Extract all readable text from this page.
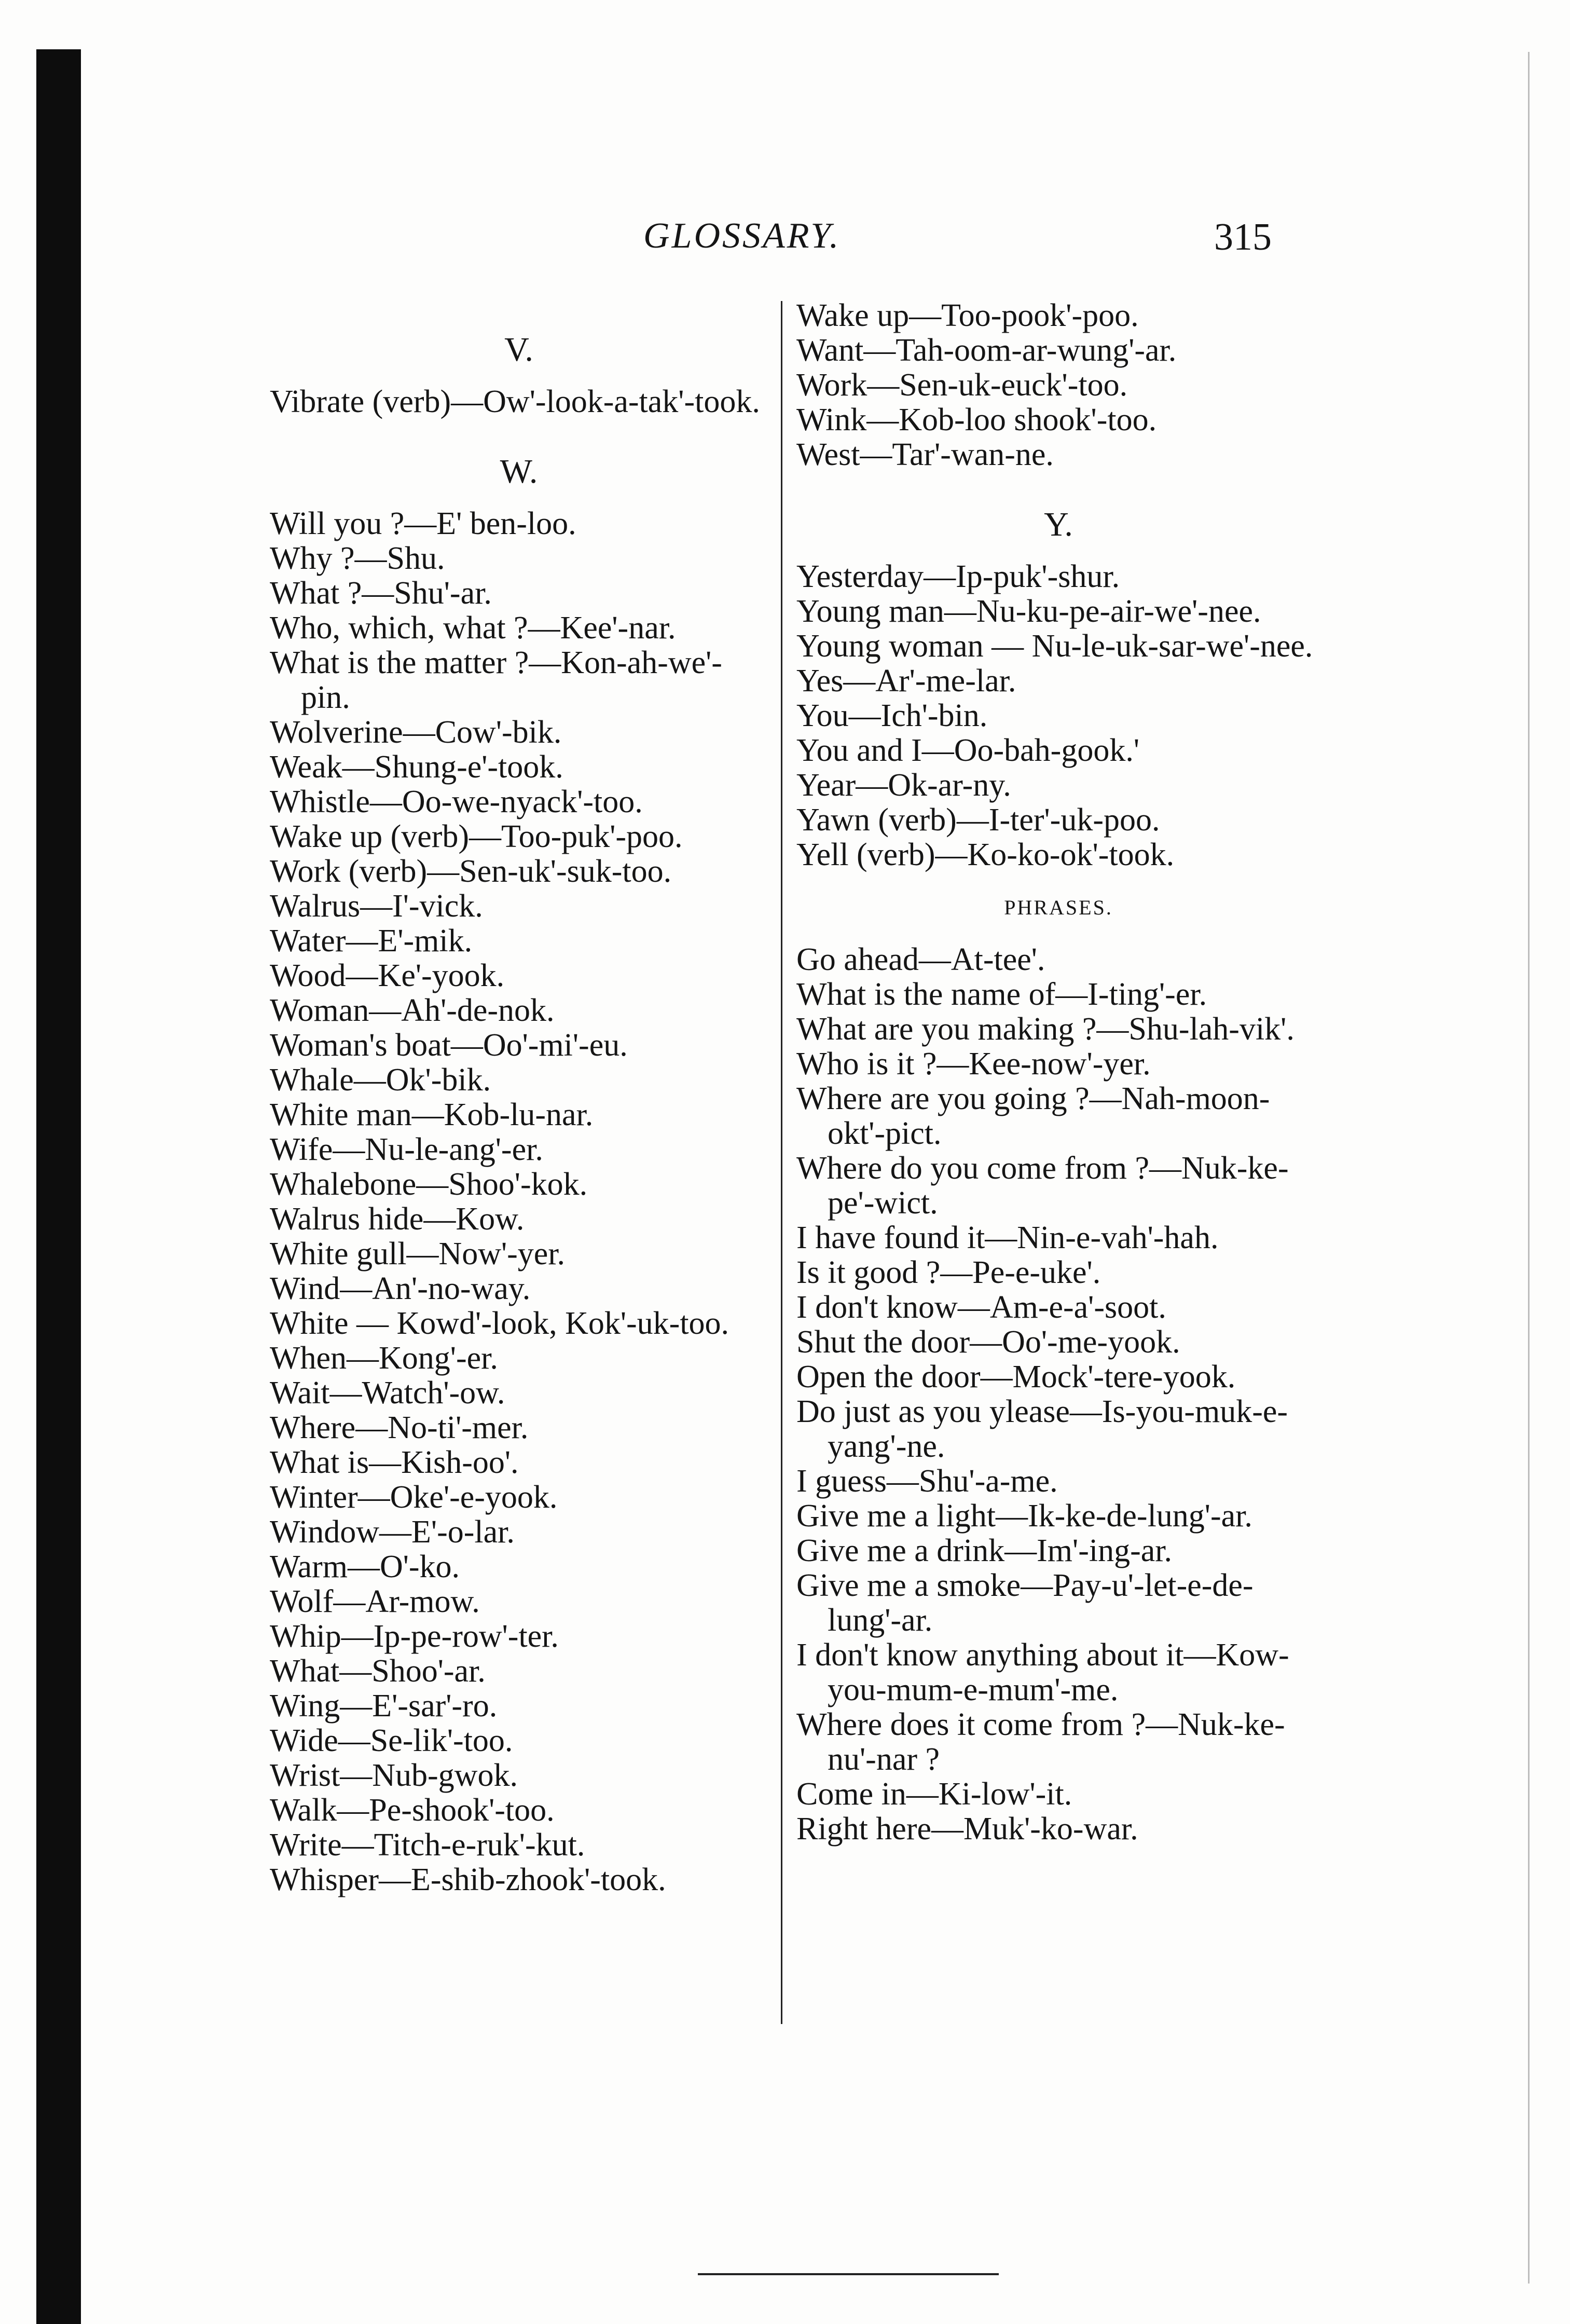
GLOSSARY.	315
V.
Vibrate (verb)—Ow'-look-a-tak'-took.
W.
Will you ?—E' ben-loo.
Why ?—Shu.
What ?—Shu'-ar.
Who, which, what ?—Kee'-nar.
What is the matter ?—Kon-ah-we'-pin.
Wolverine—Cow'-bik.
Weak—Shung-e'-took.
Whistle—Oo-we-nyack'-too.
Wake up (verb)—Too-puk'-poo.
Work (verb)—Sen-uk'-suk-too.
Walrus—I'-vick.
Water—E'-mik.
Wood—Ke'-yook.
Woman—Ah'-de-nok.
Woman's boat—Oo'-mi'-eu.
Whale—Ok'-bik.
White man—Kob-lu-nar.
Wife—Nu-le-ang'-er.
Whalebone—Shoo'-kok.
Walrus hide—Kow.
White gull—Now'-yer.
Wind—An'-no-way.
White — Kowd'-look, Kok'-uk-too.
When—Kong'-er.
Wait—Watch'-ow.
Where—No-ti'-mer.
What is—Kish-oo'.
Winter—Oke'-e-yook.
Window—E'-o-lar.
Warm—O'-ko.
Wolf—Ar-mow.
Whip—Ip-pe-row'-ter.
What—Shoo'-ar.
Wing—E'-sar'-ro.
Wide—Se-lik'-too.
Wrist—Nub-gwok.
Walk—Pe-shook'-too.
Write—Titch-e-ruk'-kut.
Whisper—E-shib-zhook'-took.
Wake up—Too-pook'-poo.
Want—Tah-oom-ar-wung'-ar.
Work—Sen-uk-euck'-too.
Wink—Kob-loo shook'-too.
West—Tar'-wan-ne.
Y.
Yesterday—Ip-puk'-shur.
Young man—Nu-ku-pe-air-we'-nee.
Young woman — Nu-le-uk-sar-we'-nee.
Yes—Ar'-me-lar.
You—Ich'-bin.
You and I—Oo-bah-gook.'
Year—Ok-ar-ny.
Yawn (verb)—I-ter'-uk-poo.
Yell (verb)—Ko-ko-ok'-took.
PHRASES.
Go ahead—At-tee'.
What is the name of—I-ting'-er.
What are you making ?—Shu-lah-vik'.
Who is it ?—Kee-now'-yer.
Where are you going ?—Nah-moon-okt'-pict.
Where do you come from ?—Nuk-ke-pe'-wict.
I have found it—Nin-e-vah'-hah.
Is it good ?—Pe-e-uke'.
I don't know—Am-e-a'-soot.
Shut the door—Oo'-me-yook.
Open the door—Mock'-tere-yook.
Do just as you ylease—Is-you-muk-e-yang'-ne.
I guess—Shu'-a-me.
Give me a light—Ik-ke-de-lung'-ar.
Give me a drink—Im'-ing-ar.
Give me a smoke—Pay-u'-let-e-de-lung'-ar.
I don't know anything about it—Kow-you-mum-e-mum'-me.
Where does it come from ?—Nuk-ke-nu'-nar ?
Come in—Ki-low'-it.
Right here—Muk'-ko-war.
